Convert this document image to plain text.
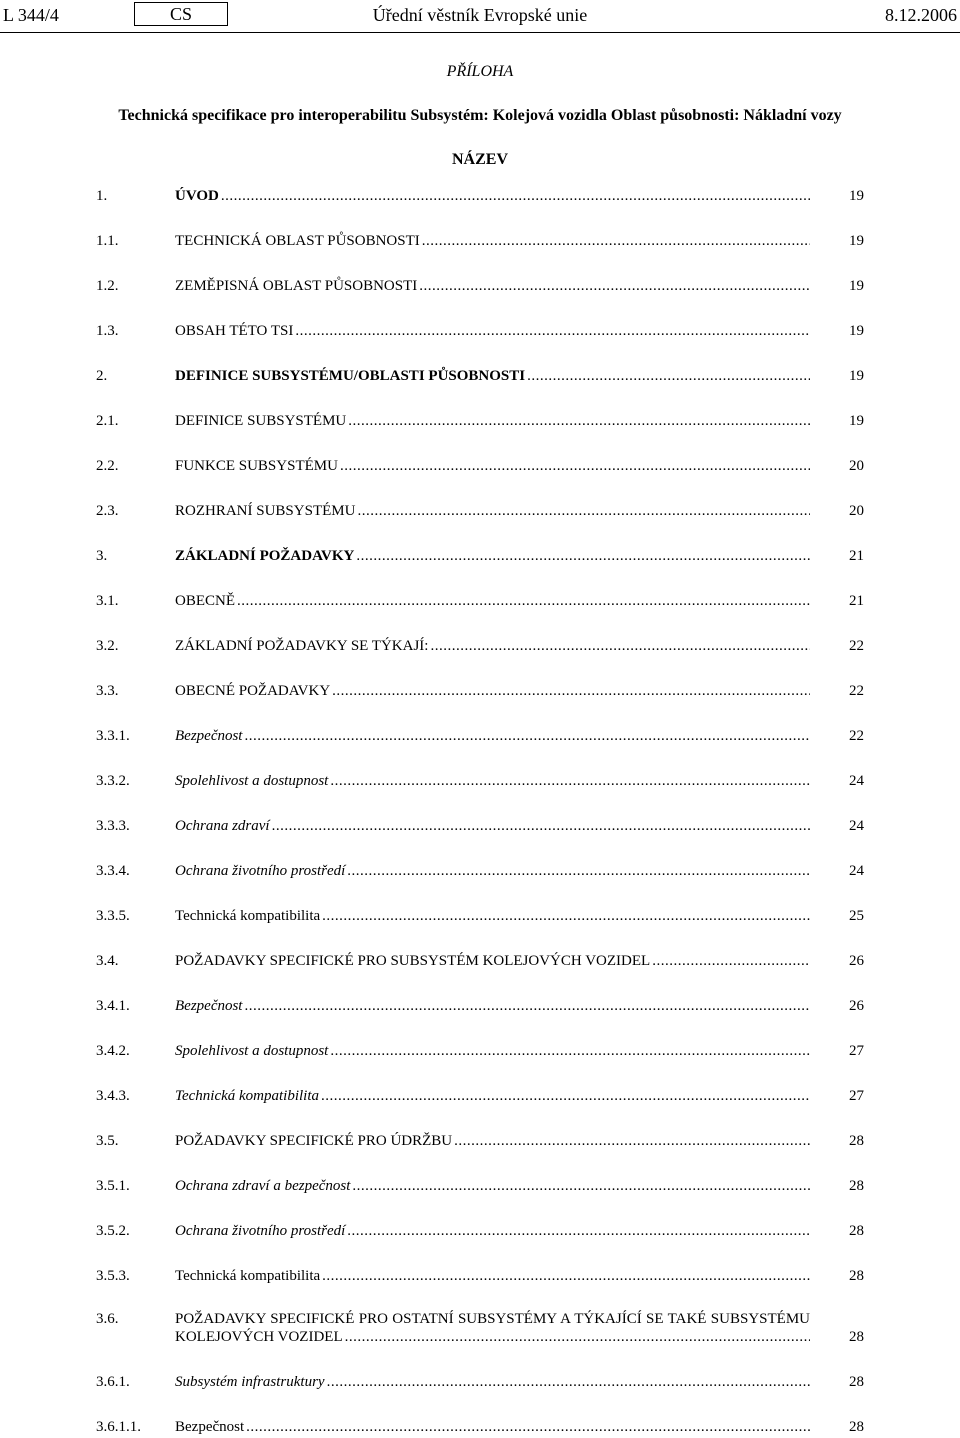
L 344/4	CS	Úřední věstník Evropské unie	8.12.2006
PŘÍLOHA
Technická specifikace pro interoperabilitu Subsystém: Kolejová vozidla Oblast působnosti: Nákladní vozy
NÁZEV
1.	ÚVOD .....	19
1.1.	TECHNICKÁ OBLAST PŮSOBNOSTI .....	19
1.2.	ZEMĚPISNÁ OBLAST PŮSOBNOSTI .....	19
1.3.	OBSAH TÉTO TSI .....	19
2.	DEFINICE SUBSYSTÉMU/OBLASTI PŮSOBNOSTI .....	19
2.1.	DEFINICE SUBSYSTÉMU .....	19
2.2.	FUNKCE SUBSYSTÉMU .....	20
2.3.	ROZHRANÍ SUBSYSTÉMU .....	20
3.	ZÁKLADNÍ POŽADAVKY .....	21
3.1.	OBECNĚ .....	21
3.2.	ZÁKLADNÍ POŽADAVKY SE TÝKAJÍ: .....	22
3.3.	OBECNÉ POŽADAVKY .....	22
3.3.1.	Bezpečnost .....	22
3.3.2.	Spolehlivost a dostupnost .....	24
3.3.3.	Ochrana zdraví .....	24
3.3.4.	Ochrana životního prostředí .....	24
3.3.5.	Technická kompatibilita .....	25
3.4.	POŽADAVKY SPECIFICKÉ PRO SUBSYSTÉM KOLEJOVÝCH VOZIDEL .....	26
3.4.1.	Bezpečnost .....	26
3.4.2.	Spolehlivost a dostupnost .....	27
3.4.3.	Technická kompatibilita .....	27
3.5.	POŽADAVKY SPECIFICKÉ PRO ÚDRŽBU .....	28
3.5.1.	Ochrana zdraví a bezpečnost .....	28
3.5.2.	Ochrana životního prostředí .....	28
3.5.3.	Technická kompatibilita .....	28
3.6.	POŽADAVKY SPECIFICKÉ PRO OSTATNÍ SUBSYSTÉMY A TÝKAJÍCÍ SE TAKÉ SUBSYSTÉMU
KOLEJOVÝCH VOZIDEL .....	28
3.6.1.	Subsystém infrastruktury .....	28
3.6.1.1. Bezpečnost .....	28
